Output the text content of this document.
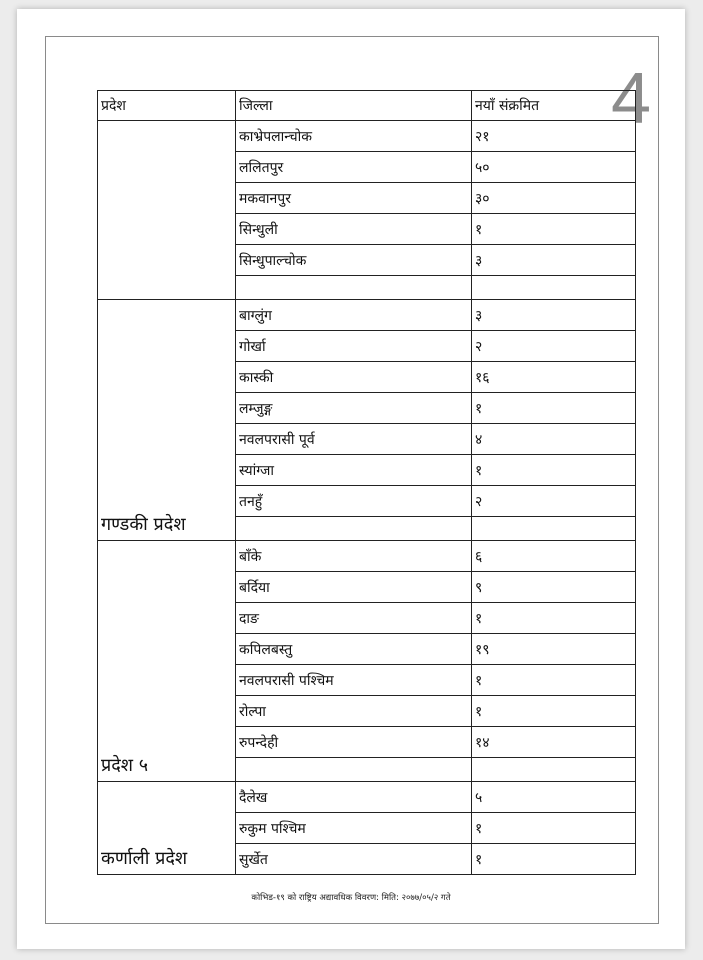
4
प्रदेश	जिल्ला	नयाँ संक्रमित
	काभ्रेपलान्चोक	२१
	ललितपुर	५०
	मकवानपुर	३०
	सिन्धुली	१
	सिन्धुपाल्चोक	३

गण्डकी प्रदेश	बाग्लुंग	३
	गोर्खा	२
	कास्की	१६
	लम्जुङ्ग	१
	नवलपरासी पूर्व	४
	स्यांग्जा	१
	तनहुँ	२

प्रदेश ५	बाँके	६
	बर्दिया	९
	दाङ	१
	कपिलबस्तु	१९
	नवलपरासी पश्चिम	१
	रोल्पा	१
	रुपन्देही	१४

कर्णाली प्रदेश	दैलेख	५
	रुकुम पश्चिम	१
	सुर्खेत	१
कोभिड-१९ को राष्ट्रिय अद्यावधिक विवरण: मिति: २०७७/०५/२ गते
